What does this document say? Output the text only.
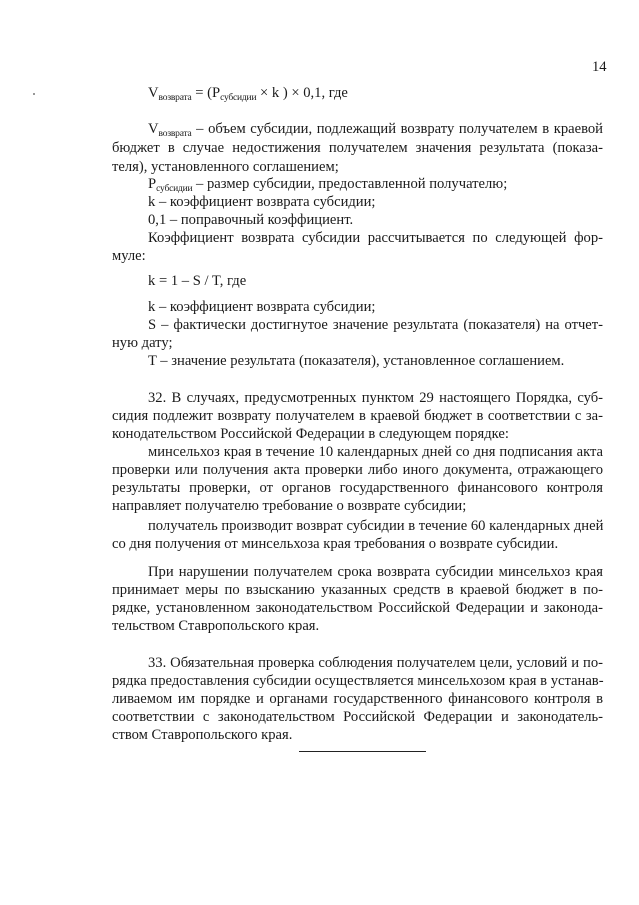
14
$V_{возврата} = (P_{субсидии} \times k$ ) × 0,1, где
$V_{возврата}$ – объем субсидии, подлежащий возврату получателем в краевой
бюджет в случае недостижения получателем значения результата (показа-
теля), установленного соглашением;
$P_{субсидии}$ – размер субсидии, предоставленной получателю;
k – коэффициент возврата субсидии;
0,1 – поправочный коэффициент.
Коэффициент возврата субсидии рассчитывается по следующей фор-
муле:
k = 1 – S / T, где
k – коэффициент возврата субсидии;
S – фактически достигнутое значение результата (показателя) на отчет-
ную дату;
T – значение результата (показателя), установленное соглашением.
32. В случаях, предусмотренных пунктом 29 настоящего Порядка, суб-
сидия подлежит возврату получателем в краевой бюджет в соответствии с за-
конодательством Российской Федерации в следующем порядке:
минсельхоз края в течение 10 календарных дней со дня подписания акта
проверки или получения акта проверки либо иного документа, отражающего
результаты проверки, от органов государственного финансового контроля
направляет получателю требование о возврате субсидии;
получатель производит возврат субсидии в течение 60 календарных дней
со дня получения от минсельхоза края требования о возврате субсидии.
При нарушении получателем срока возврата субсидии минсельхоз края
принимает меры по взысканию указанных средств в краевой бюджет в по-
рядке, установленном законодательством Российской Федерации и законода-
тельством Ставропольского края.
33. Обязательная проверка соблюдения получателем цели, условий и по-
рядка предоставления субсидии осуществляется минсельхозом края в устанав-
ливаемом им порядке и органами государственного финансового контроля в
соответствии с законодательством Российской Федерации и законодатель-
ством Ставропольского края.
